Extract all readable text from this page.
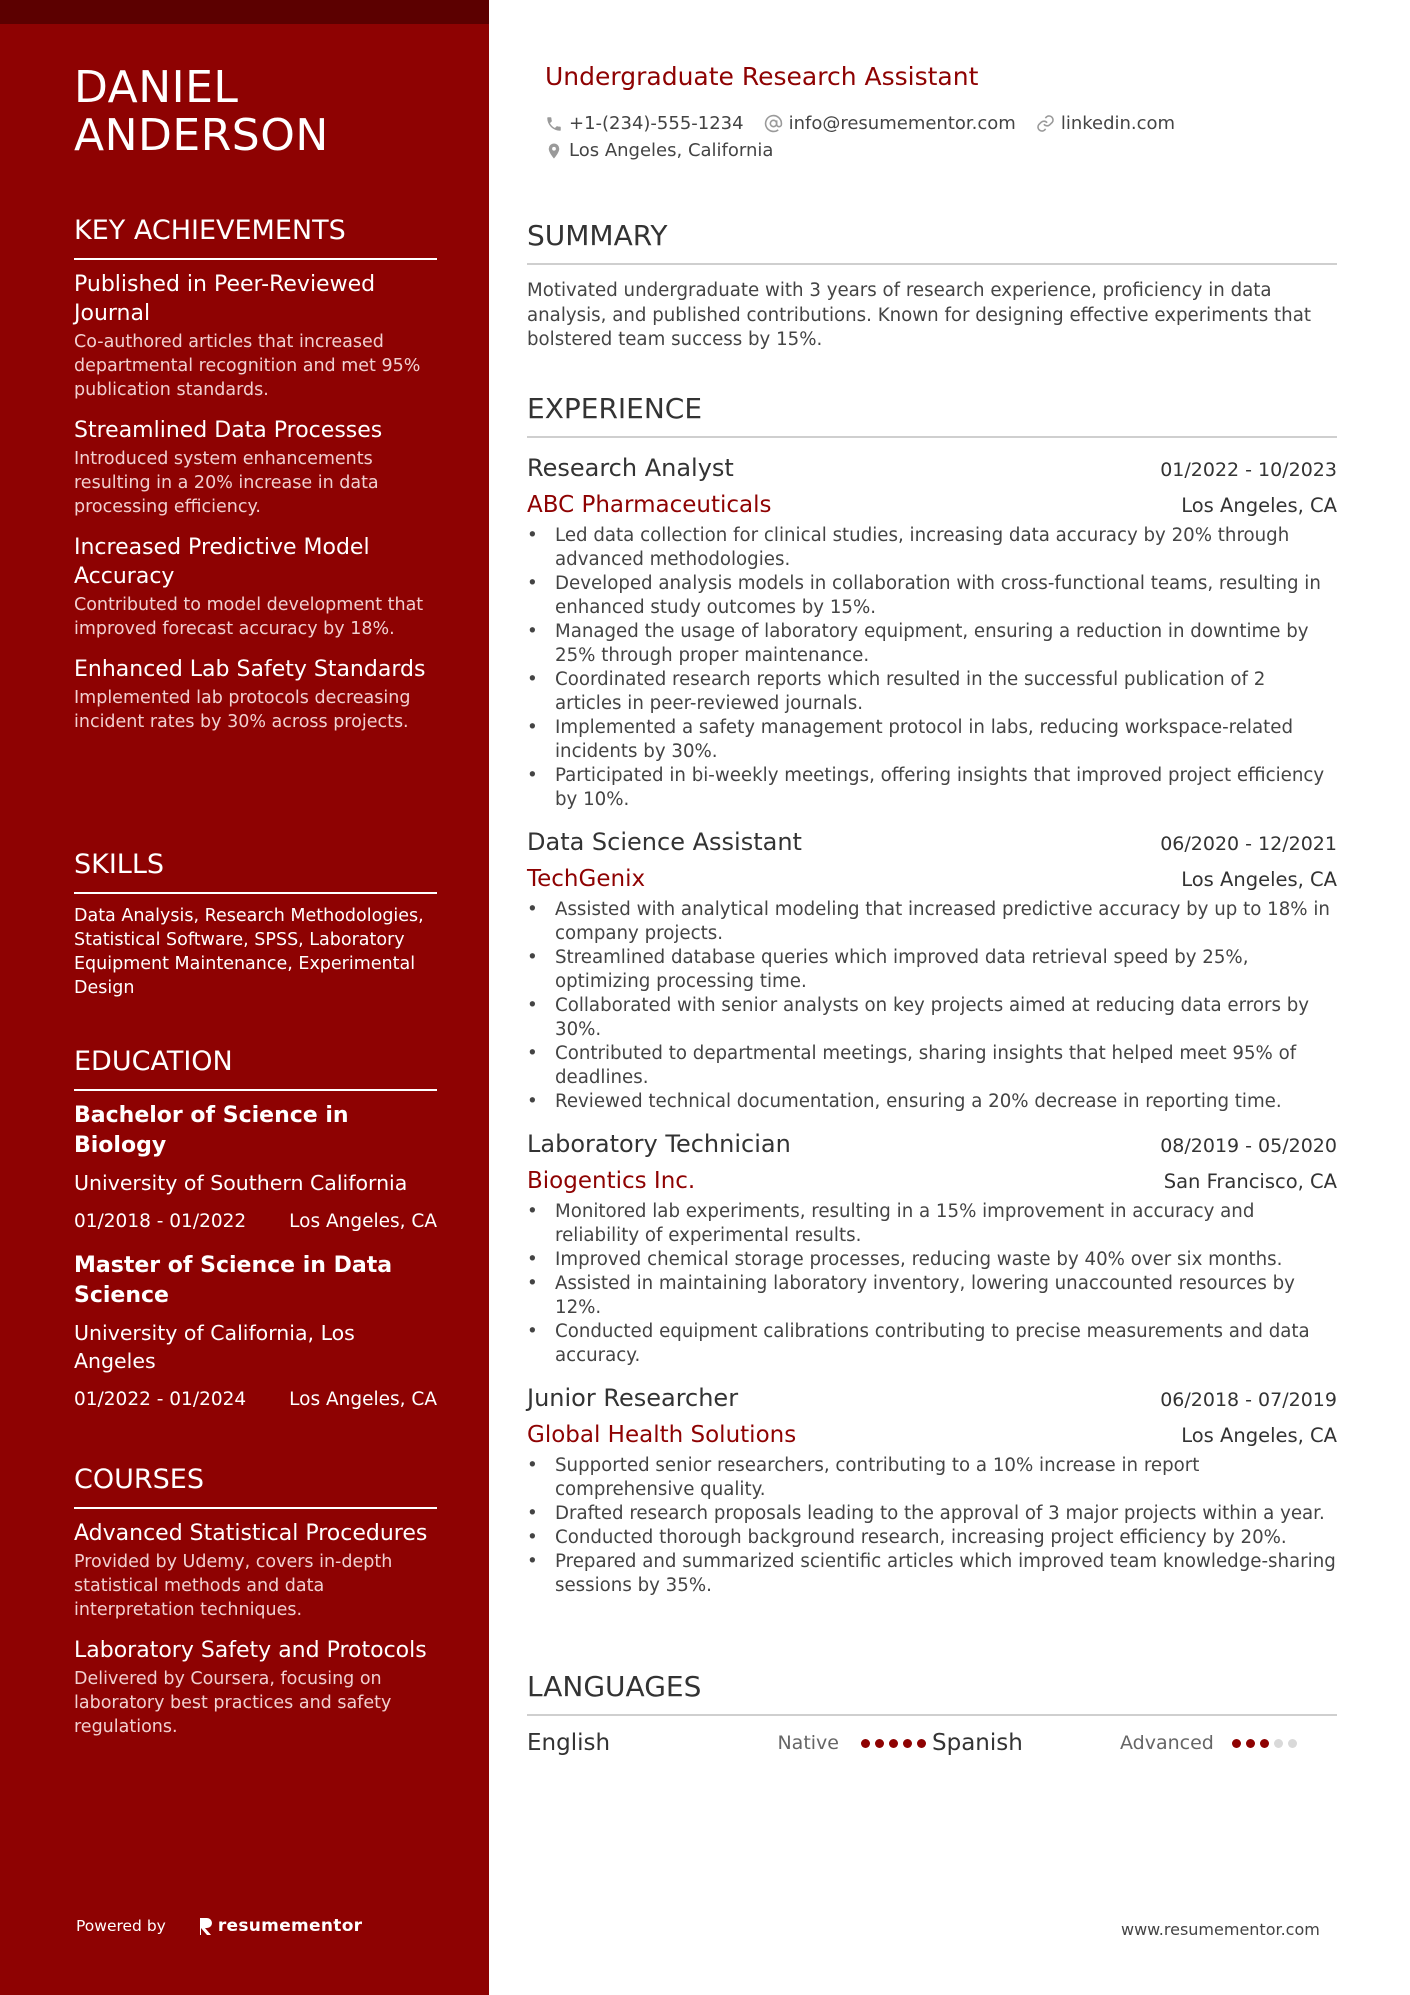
DANIEL
ANDERSON
KEY ACHIEVEMENTS
Published in Peer-Reviewed Journal
Co-authored articles that increased departmental recognition and met 95% publication standards.
Streamlined Data Processes
Introduced system enhancements resulting in a 20% increase in data processing efficiency.
Increased Predictive Model Accuracy
Contributed to model development that improved forecast accuracy by 18%.
Enhanced Lab Safety Standards
Implemented lab protocols decreasing incident rates by 30% across projects.
SKILLS
Data Analysis, Research Methodologies, Statistical Software, SPSS, Laboratory Equipment Maintenance, Experimental Design
EDUCATION
Bachelor of Science in Biology
University of Southern California
01/2018 - 01/2022 Los Angeles, CA
Master of Science in Data Science
University of California, Los Angeles
01/2022 - 01/2024 Los Angeles, CA
COURSES
Advanced Statistical Procedures
Provided by Udemy, covers in-depth statistical methods and data interpretation techniques.
Laboratory Safety and Protocols
Delivered by Coursera, focusing on laboratory best practices and safety regulations.
Powered by	resumementor
Undergraduate Research Assistant
+1-(234)-555-1234	info@resumementor.com	linkedin.com
Los Angeles, California
SUMMARY
Motivated undergraduate with 3 years of research experience, proficiency in data analysis, and published contributions. Known for designing effective experiments that bolstered team success by 15%.
EXPERIENCE
Research Analyst	01/2022 - 10/2023
ABC Pharmaceuticals	Los Angeles, CA
• Led data collection for clinical studies, increasing data accuracy by 20% through advanced methodologies.
• Developed analysis models in collaboration with cross-functional teams, resulting in enhanced study outcomes by 15%.
• Managed the usage of laboratory equipment, ensuring a reduction in downtime by 25% through proper maintenance.
• Coordinated research reports which resulted in the successful publication of 2 articles in peer-reviewed journals.
• Implemented a safety management protocol in labs, reducing workspace-related incidents by 30%.
• Participated in bi-weekly meetings, offering insights that improved project efficiency by 10%.
Data Science Assistant	06/2020 - 12/2021
TechGenix	Los Angeles, CA
• Assisted with analytical modeling that increased predictive accuracy by up to 18% in company projects.
• Streamlined database queries which improved data retrieval speed by 25%, optimizing processing time.
• Collaborated with senior analysts on key projects aimed at reducing data errors by 30%.
• Contributed to departmental meetings, sharing insights that helped meet 95% of deadlines.
• Reviewed technical documentation, ensuring a 20% decrease in reporting time.
Laboratory Technician	08/2019 - 05/2020
Biogentics Inc.	San Francisco, CA
• Monitored lab experiments, resulting in a 15% improvement in accuracy and reliability of experimental results.
• Improved chemical storage processes, reducing waste by 40% over six months.
• Assisted in maintaining laboratory inventory, lowering unaccounted resources by 12%.
• Conducted equipment calibrations contributing to precise measurements and data accuracy.
Junior Researcher	06/2018 - 07/2019
Global Health Solutions	Los Angeles, CA
• Supported senior researchers, contributing to a 10% increase in report comprehensive quality.
• Drafted research proposals leading to the approval of 3 major projects within a year.
• Conducted thorough background research, increasing project efficiency by 20%.
• Prepared and summarized scientific articles which improved team knowledge-sharing sessions by 35%.
LANGUAGES
English	Native	Spanish	Advanced
www.resumementor.com
